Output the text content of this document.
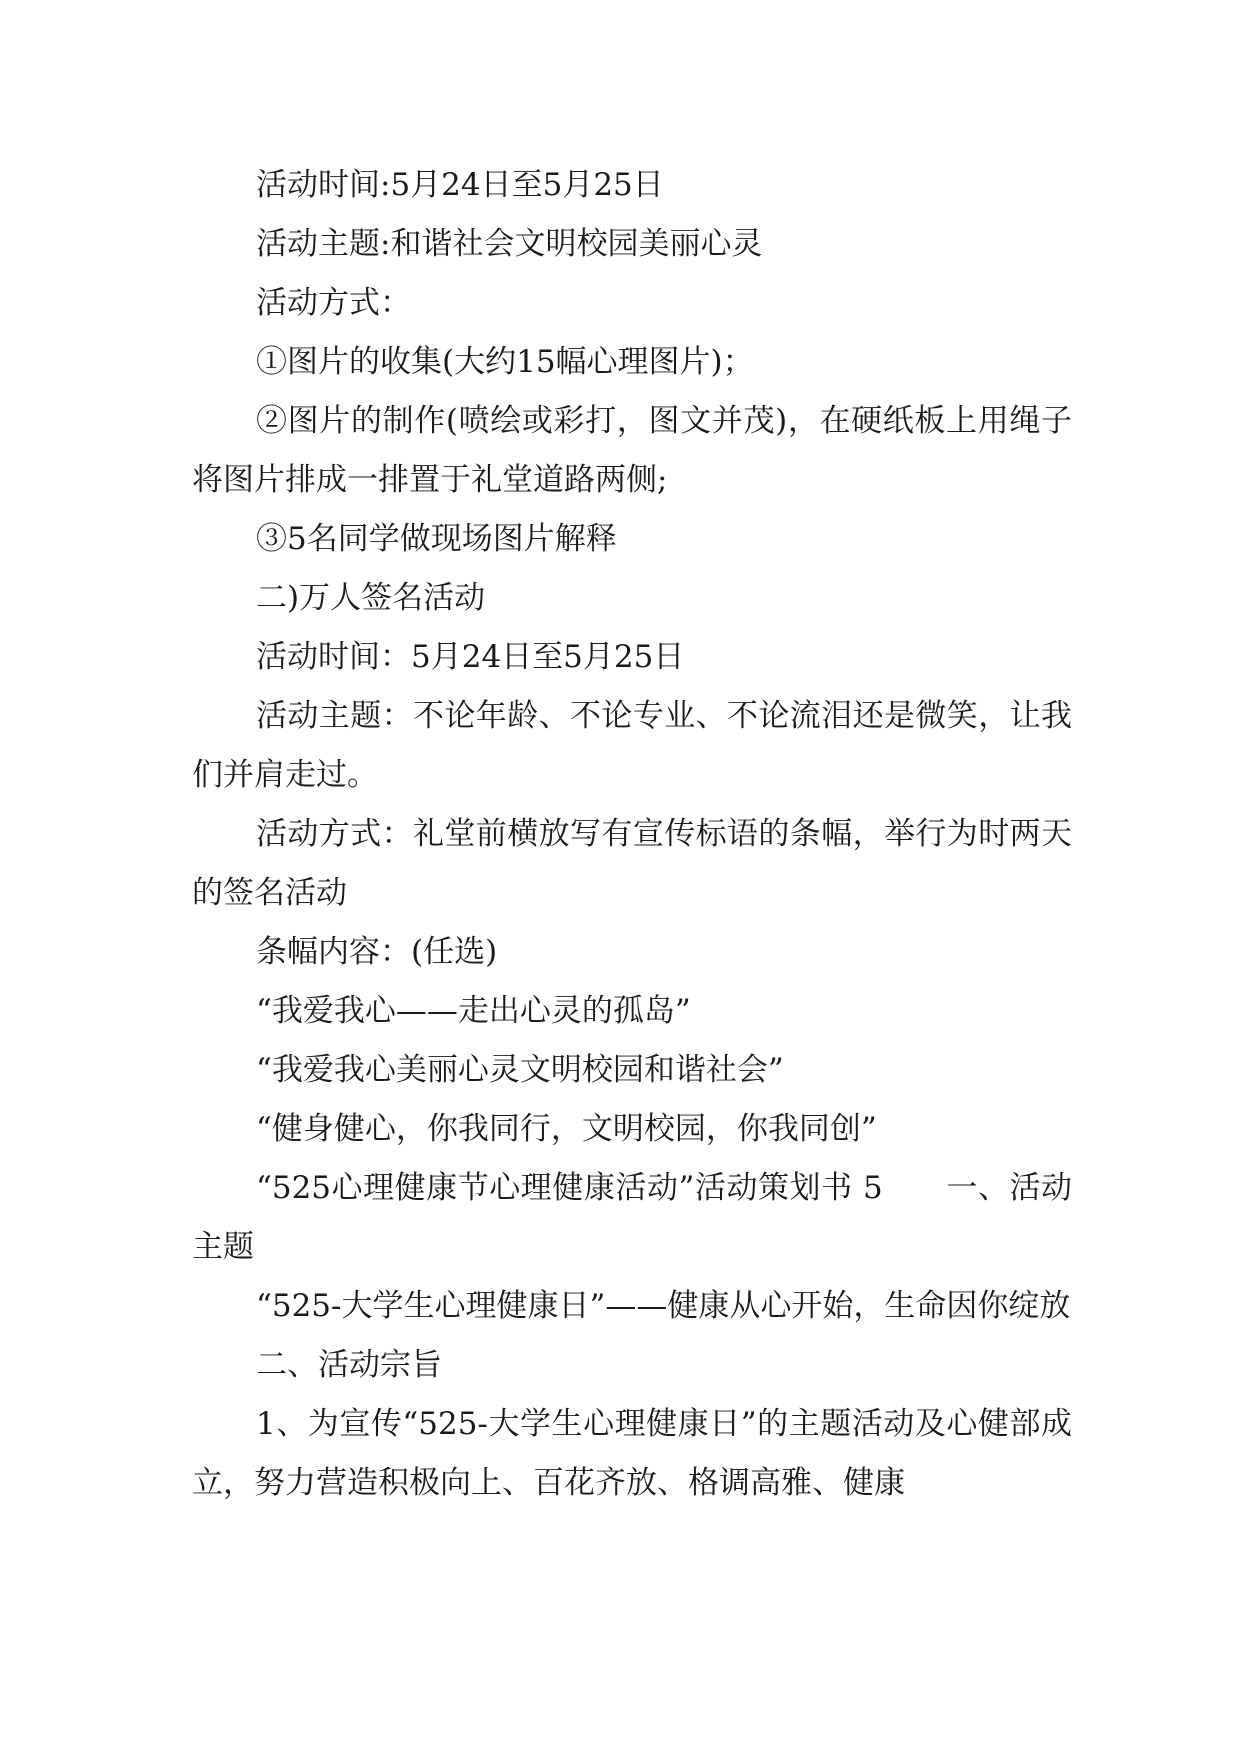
活动时间:5月24日至5月25日

活动主题:和谐社会文明校园美丽心灵

活动方式：

①图片的收集(大约15幅心理图片)；

②图片的制作(喷绘或彩打，图文并茂)，在硬纸板上用绳子将图片排成一排置于礼堂道路两侧;

③5名同学做现场图片解释

二)万人签名活动

活动时间：5月24日至5月25日

活动主题：不论年龄、不论专业、不论流泪还是微笑，让我们并肩走过。

活动方式：礼堂前横放写有宣传标语的条幅，举行为时两天的签名活动

条幅内容：(任选)

“我爱我心——走出心灵的孤岛”

“我爱我心美丽心灵文明校园和谐社会”

“健身健心，你我同行，文明校园，你我同创”

“525心理健康节心理健康活动”活动策划书 5　　一、活动主题

“525-大学生心理健康日”——健康从心开始，生命因你绽放

二、活动宗旨

1、为宣传“525-大学生心理健康日”的主题活动及心健部成立，努力营造积极向上、百花齐放、格调高雅、健康
